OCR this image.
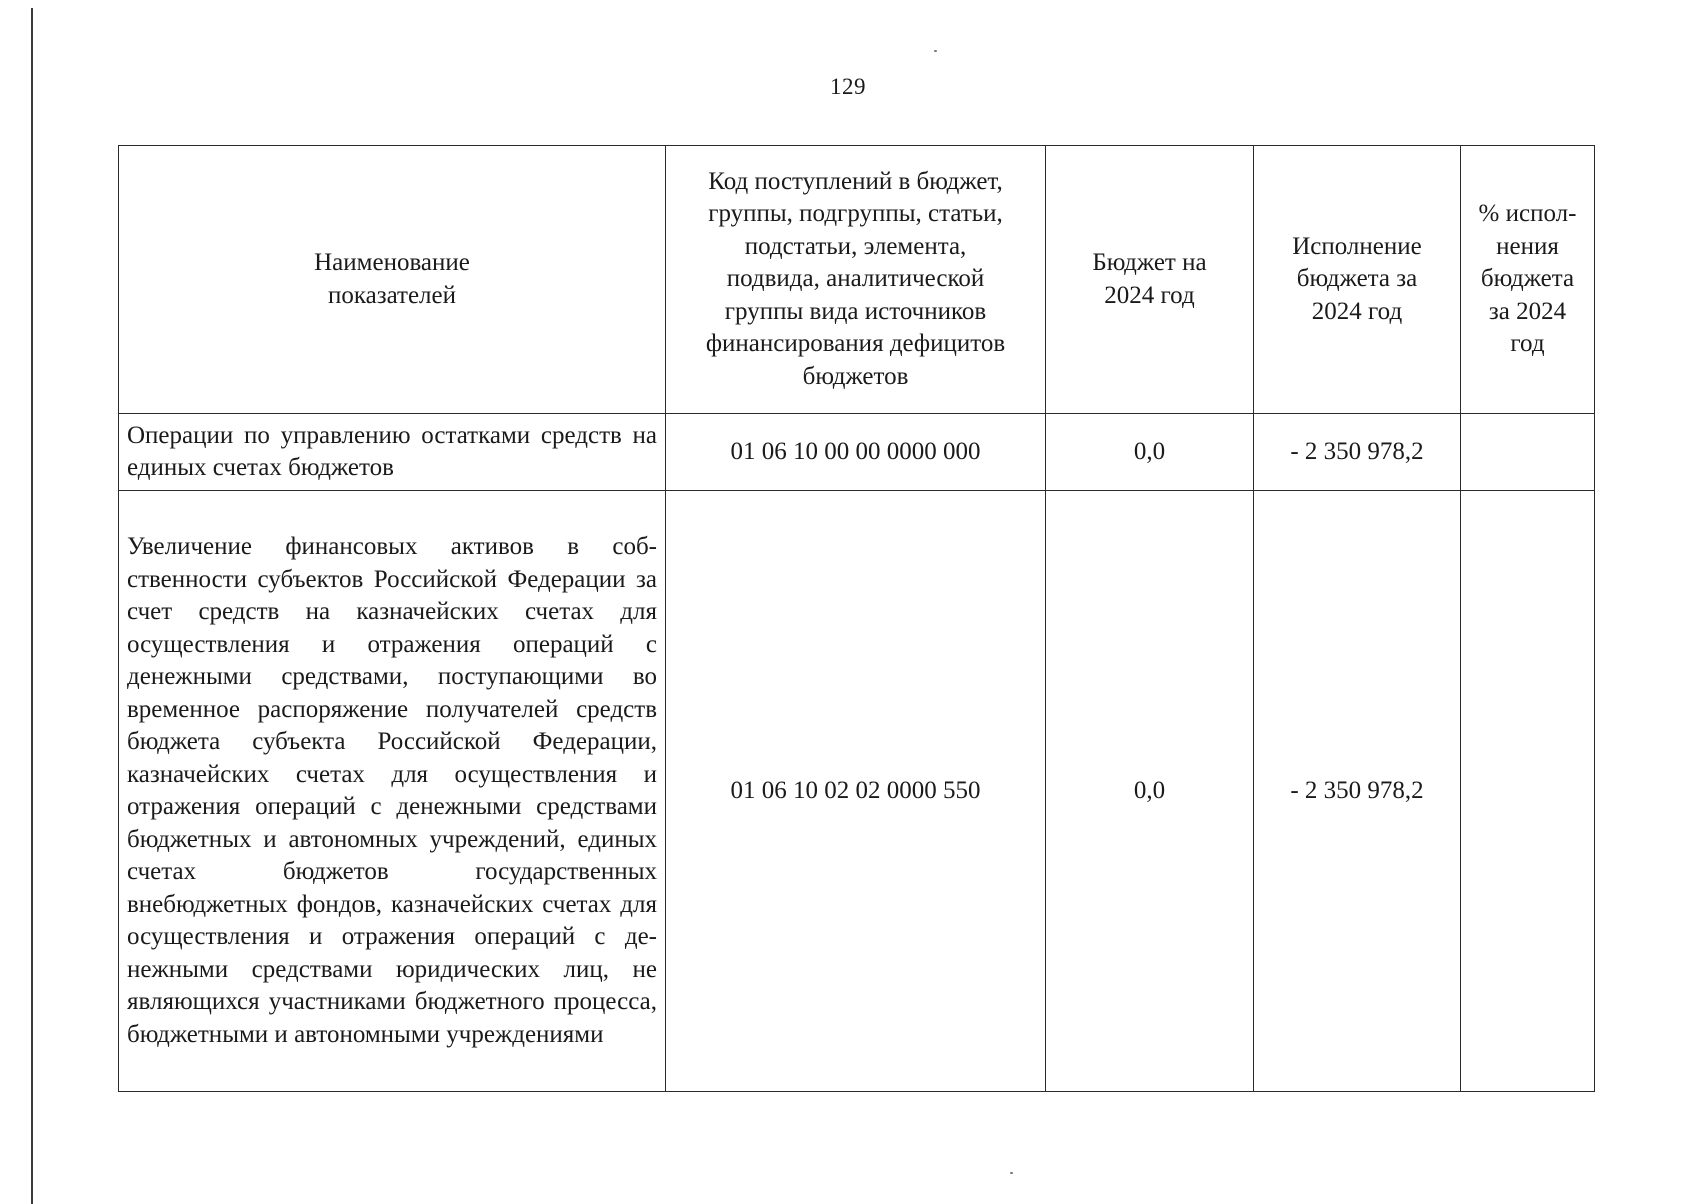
129
Наименование показателей	Код поступлений в бюджет, группы, подгруппы, статьи, подстатьи, элемента, подвида, аналитической группы вида источников финансирования дефицитов бюджетов	Бюджет на 2024 год	Исполнение бюджета за 2024 год	% испол-нения бюджета за 2024 год

Операции по управлению остатками средств на единых счетах бюджетов	01 06 10 00 00 0000 000	0,0	- 2 350 978,2	
Увеличение финансовых активов в собственности субъектов Российской Федерации за счет средств на казначейских счетах для осуществления и отражения операций с денежными средствами, поступающими во временное распоряжение получателей средств бюджета субъекта Российской Федерации, казначейских счетах для осуществления и отражения операций с денежными средствами бюджетных и автономных учреждений, единых счетах бюджетов государственных внебюджетных фондов, казначейских счетах для осуществления и отражения операций с денежными средствами юридических лиц, не являющихся участниками бюджетного процесса, бюджетными и автономными учреждениями	01 06 10 02 02 0000 550	0,0	- 2 350 978,2	
